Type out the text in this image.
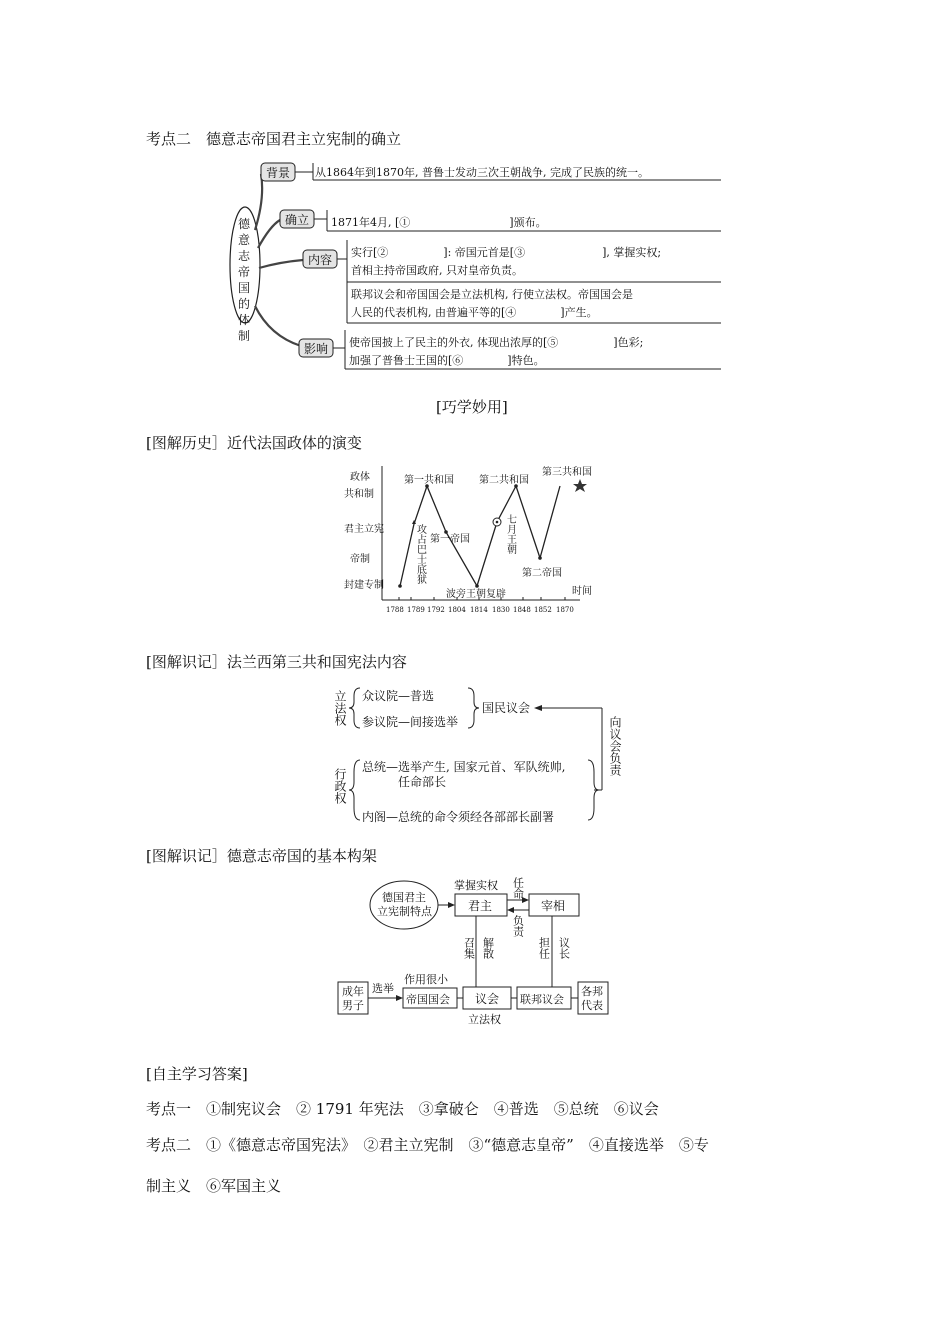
考点二　德意志帝国君主立宪制的确立
德
意
志
帝
国
的
体
制
背景 从1864年到1870年, 普鲁士发动三次王朝战争, 完成了民族的统一。
确立 1871年4月, [①　　　　　　　　　]颁布。
内容
实行[②　　　　　]: 帝国元首是[③　　　　　　　], 掌握实权;
首相主持帝国政府, 只对皇帝负责。
联邦议会和帝国国会是立法机构, 行使立法权。帝国国会是
人民的代表机构, 由普遍平等的[④　　　　]产生。
影响 使帝国披上了民主的外衣, 体现出浓厚的[⑤　　　　　]色彩;
加强了普鲁士王国的[⑥　　　　]特色。
[巧学妙用]
[图解历史］近代法国政体的演变
政体
共和制
君主立宪
帝制
封建专制
时间
1788 1789 1792 1804 1814 1830 1848 1852 1870
第一共和国	第二共和国
第三共和国
第一帝国
第二帝国
波旁王朝复辟
攻占巴士底狱	七月王朝
[图解识记］法兰西第三共和国宪法内容
立法权 众议院—普选
参议院—间接选举
国民议会
向议会负责
行政权
总统—选举产生, 国家元首、军队统帅,
任命部长
内阁—总统的命令须经各部部长副署
[图解识记］德意志帝国的基本构架
德国君主
立宪制特点	君主
掌握实权
宰相
任命
负责
召集 解散	担任 议长
成年
男子
选举
帝国国会
作用很小
议会
立法权
联邦议会
各邦
代表
[自主学习答案]
考点一　①制宪议会　② 1791 年宪法　③拿破仑　④普选　⑤总统　⑥议会
考点二　①《德意志帝国宪法》　②君主立宪制　③“德意志皇帝”　④直接选举　⑤专
制主义　⑥军国主义
